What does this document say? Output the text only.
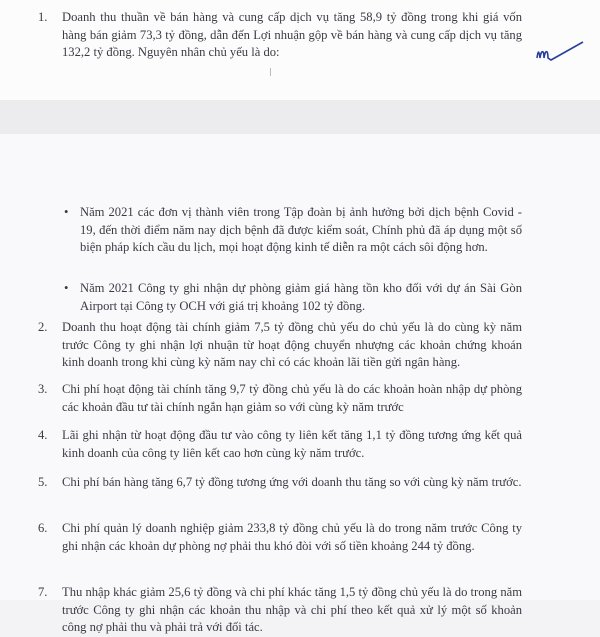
1. Doanh thu thuần về bán hàng và cung cấp dịch vụ tăng 58,9 tỷ đồng trong khi giá vốn hàng bán giảm 73,3 tỷ đồng, dẫn đến Lợi nhuận gộp về bán hàng và cung cấp dịch vụ tăng 132,2 tỷ đồng. Nguyên nhân chủ yếu là do:
• Năm 2021 các đơn vị thành viên trong Tập đoàn bị ảnh hưởng bởi dịch bệnh Covid - 19, đến thời điểm năm nay dịch bệnh đã được kiểm soát, Chính phủ đã áp dụng một số biện pháp kích cầu du lịch, mọi hoạt động kinh tế diễn ra một cách sôi động hơn.
• Năm 2021 Công ty ghi nhận dự phòng giảm giá hàng tồn kho đối với dự án Sài Gòn Airport tại Công ty OCH với giá trị khoảng 102 tỷ đồng.
2. Doanh thu hoạt động tài chính giảm 7,5 tỷ đồng chủ yếu do chủ yếu là do cùng kỳ năm trước Công ty ghi nhận lợi nhuận từ hoạt động chuyển nhượng các khoản chứng khoán kinh doanh trong khi cùng kỳ năm nay chỉ có các khoản lãi tiền gửi ngân hàng.
3. Chi phí hoạt động tài chính tăng 9,7 tỷ đồng chủ yếu là do các khoản hoàn nhập dự phòng các khoản đầu tư tài chính ngắn hạn giảm so với cùng kỳ năm trước
4. Lãi ghi nhận từ hoạt động đầu tư vào công ty liên kết tăng 1,1 tỷ đồng tương ứng kết quả kinh doanh của công ty liên kết cao hơn cùng kỳ năm trước.
5. Chi phí bán hàng tăng 6,7 tỷ đồng tương ứng với doanh thu tăng so với cùng kỳ năm trước.
6. Chi phí quản lý doanh nghiệp giảm 233,8 tỷ đồng chủ yếu là do trong năm trước Công ty ghi nhận các khoản dự phòng nợ phải thu khó đòi với số tiền khoảng 244 tỷ đồng.
7. Thu nhập khác giảm 25,6 tỷ đồng và chi phí khác tăng 1,5 tỷ đồng chủ yếu là do trong năm trước Công ty ghi nhận các khoản thu nhập và chi phí theo kết quả xử lý một số khoản công nợ phải thu và phải trả với đối tác.
